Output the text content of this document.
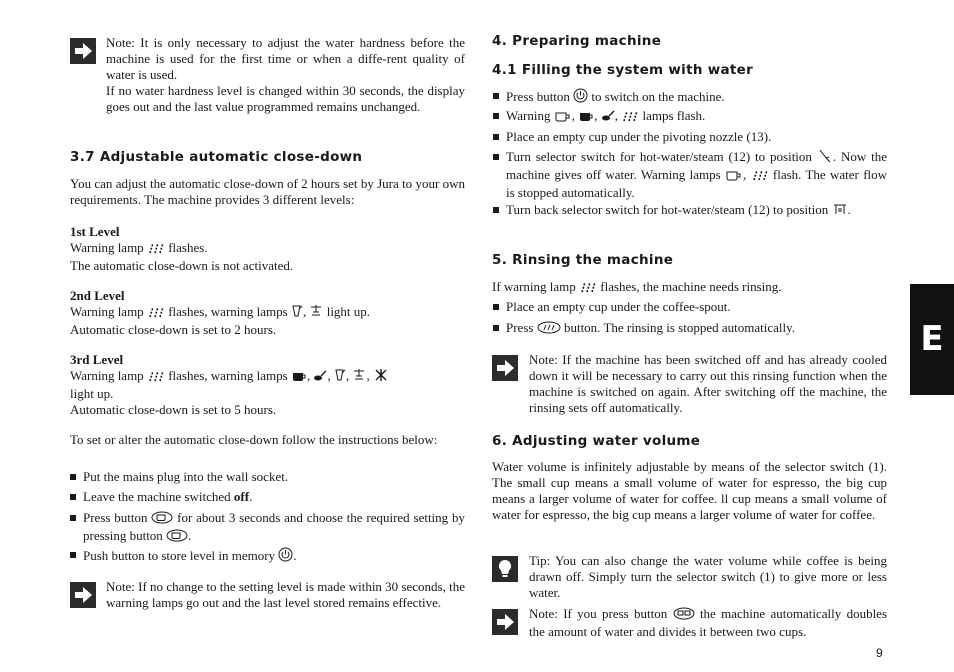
Note: It is only necessary to adjust the water hardness before the machine is used for the first time or when a diffe-rent quality of water is used.
If no water hardness level is changed within 30 seconds, the display goes out and the last value programmed remains unchanged.
3.7 Adjustable automatic close-down
You can adjust the automatic close-down of 2 hours set by Jura to your own requirements. The machine provides 3 different levels:
1st Level
Warning lamp flashes.
The automatic close-down is not activated.
2nd Level
Warning lamp flashes, warning lamps ,  light up.
Automatic close-down is set to 2 hours.
3rd Level
Warning lamp flashes, warning lamps , , , ,
light up.
Automatic close-down is set to 5 hours.
To set or alter the automatic close-down follow the instructions below:
Put the mains plug into the wall socket.
Leave the machine switched off.
Press button for about 3 seconds and choose the required setting by pressing button .
Push button to store level in memory .
Note: If no change to the setting level is made within 30 seconds, the warning lamps go out and the last level stored remains effective.
4. Preparing machine
4.1 Filling the system with water
Press button to switch on the machine.
Warning , , ,  lamps flash.
Place an empty cup under the pivoting nozzle (13).
Turn selector switch for hot-water/steam (12) to position . Now the machine gives off water. Warning lamps ,  flash. The water flow is stopped automatically.
Turn back selector switch for hot-water/steam (12) to position .
5. Rinsing the machine
If warning lamp flashes, the machine needs rinsing.
Place an empty cup under the coffee-spout.
Press button. The rinsing is stopped automatically.
Note: If the machine has been switched off and has already cooled down it will be necessary to carry out this rinsing function when the machine is switched on again. After switching off the machine, the rinsing sets off automatically.
6. Adjusting water volume
Water volume is infinitely adjustable by means of the selector switch (1). The small cup means a small volume of water for espresso, the big cup means a larger volume of water for coffee. ll cup means a small volume of water for espresso, the big cup means a larger volume of water for coffee.
Tip: You can also change the water volume while coffee is being drawn off. Simply turn the selector switch (1) to give more or less water.
Note: If you press button	the machine automatically doubles the amount of water and divides it between two cups.
E
9
